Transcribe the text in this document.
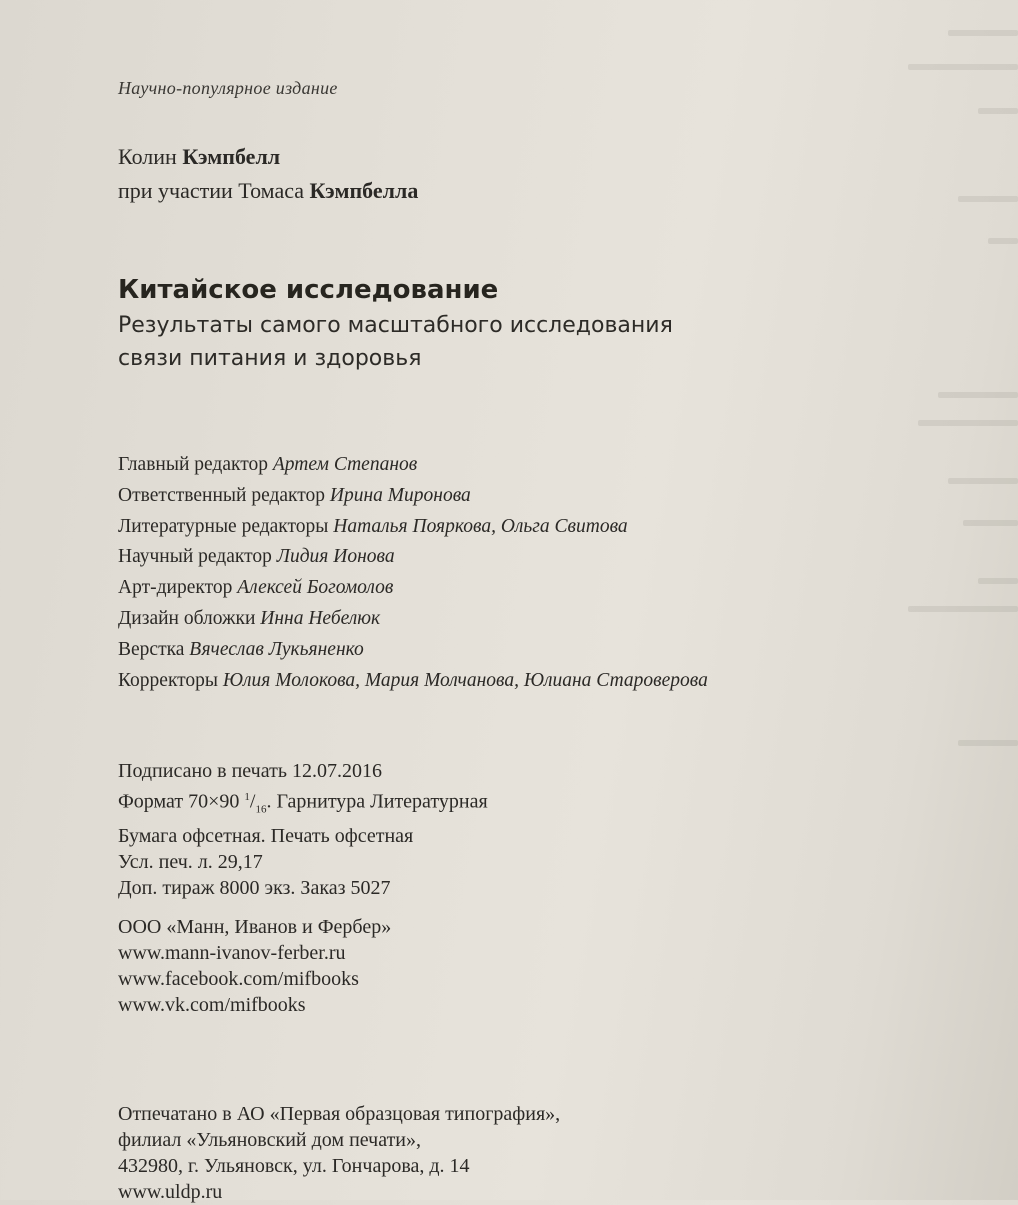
Научно-популярное издание
Колин Кэмпбелл
при участии Томаса Кэмпбелла
Китайское исследование
Результаты самого масштабного исследования
связи питания и здоровья
Главный редактор Артем Степанов
Ответственный редактор Ирина Миронова
Литературные редакторы Наталья Пояркова, Ольга Свитова
Научный редактор Лидия Ионова
Арт-директор Алексей Богомолов
Дизайн обложки Инна Небелюк
Верстка Вячеслав Лукьяненко
Корректоры Юлия Молокова, Мария Молчанова, Юлиана Староверова
Подписано в печать 12.07.2016
Формат 70×90 $^1/_{16}$. Гарнитура Литературная
Бумага офсетная. Печать офсетная
Усл. печ. л. 29,17
Доп. тираж 8000 экз. Заказ 5027
ООО «Манн, Иванов и Фербер»
www.mann-ivanov-ferber.ru
www.facebook.com/mifbooks
www.vk.com/mifbooks
Отпечатано в АО «Первая образцовая типография»,
филиал «Ульяновский дом печати»,
432980, г. Ульяновск, ул. Гончарова, д. 14
www.uldp.ru
